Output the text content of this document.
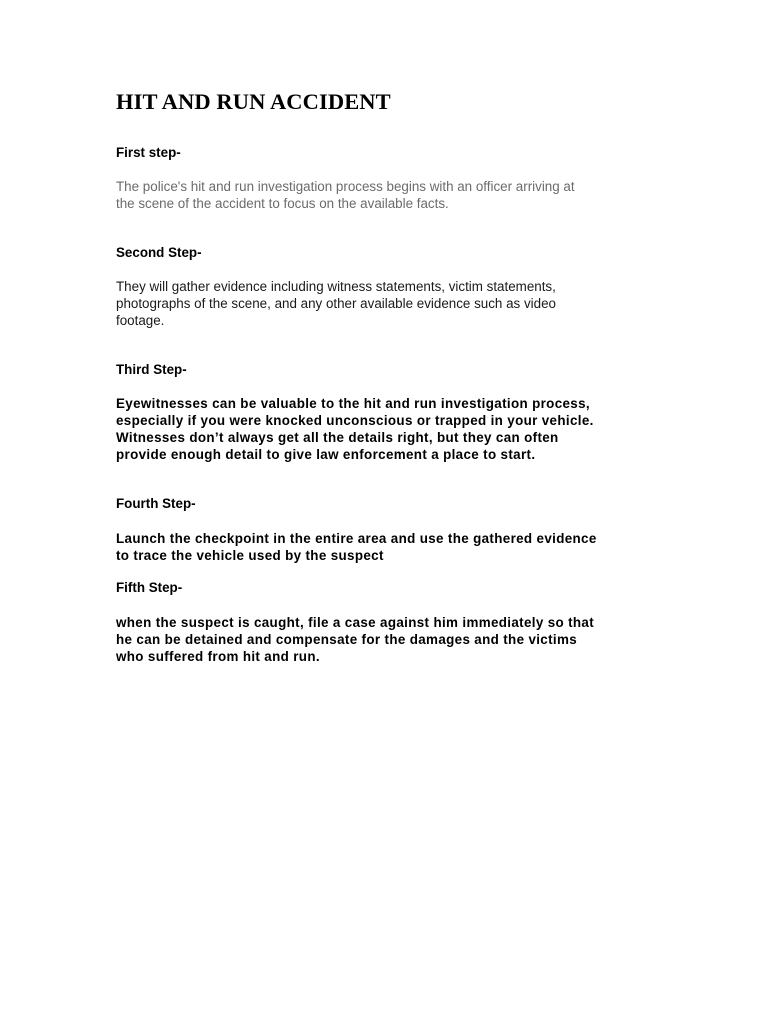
HIT AND RUN ACCIDENT
First step-

The police's hit and run investigation process begins with an officer arriving at
the scene of the accident to focus on the available facts.

Second Step-

They will gather evidence including witness statements, victim statements,
photographs of the scene, and any other available evidence such as video
footage.

Third Step-

Eyewitnesses can be valuable to the hit and run investigation process,
especially if you were knocked unconscious or trapped in your vehicle.
Witnesses don’t always get all the details right, but they can often
provide enough detail to give law enforcement a place to start.

Fourth Step-

Launch the checkpoint in the entire area and use the gathered evidence
to trace the vehicle used by the suspect

Fifth Step-

when the suspect is caught, file a case against him immediately so that
he can be detained and compensate for the damages and the victims
who suffered from hit and run.
